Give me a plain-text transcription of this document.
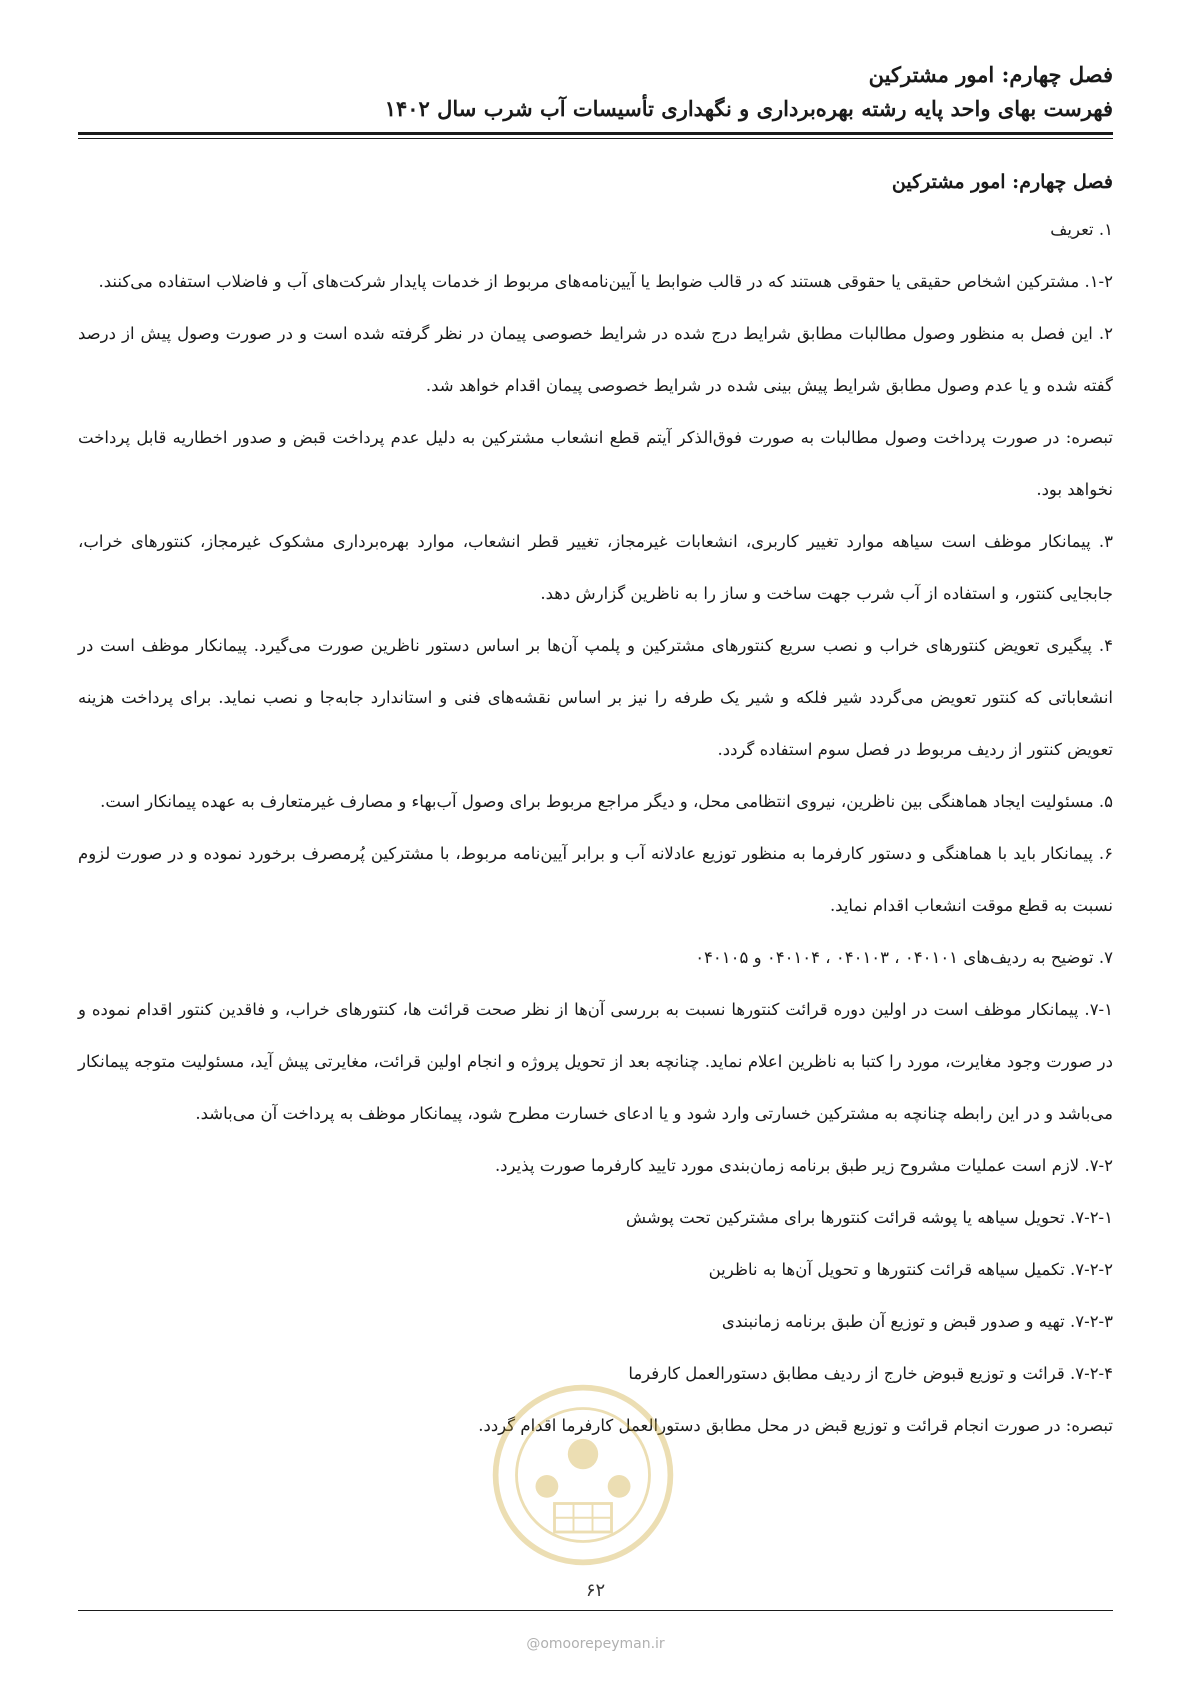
فصل چهارم: امور مشترکین
فهرست بهای واحد پایه رشته بهره‌برداری و نگهداری تأسیسات آب شرب سال ۱۴۰۲

فصل چهارم: امور مشترکین

۱. تعریف

۱-۲. مشترکین اشخاص حقیقی یا حقوقی هستند که در قالب ضوابط یا آیین‌نامه‌های مربوط از خدمات پایدار شرکت‌های آب و فاضلاب استفاده می‌کنند.

۲. این فصل به منظور وصول مطالبات مطابق شرایط درج شده در شرایط خصوصی پیمان در نظر گرفته شده است و در صورت وصول پیش از درصد گفته شده و یا عدم وصول مطابق شرایط پیش بینی شده در شرایط خصوصی پیمان اقدام خواهد شد.

تبصره: در صورت پرداخت وصول مطالبات به صورت فوق‌الذکر آیتم قطع انشعاب مشترکین به دلیل عدم پرداخت قبض و صدور اخطاریه قابل پرداخت نخواهد بود.

۳. پیمانکار موظف است سیاهه موارد تغییر کاربری، انشعابات غیرمجاز، تغییر قطر انشعاب، موارد بهره‌برداری مشکوک غیرمجاز، کنتورهای خراب، جابجایی کنتور، و استفاده از آب شرب جهت ساخت و ساز را به ناظرین گزارش دهد.

۴. پیگیری تعویض کنتورهای خراب و نصب سریع کنتورهای مشترکین و پلمپ آن‌ها بر اساس دستور ناظرین صورت می‌گیرد. پیمانکار موظف است در انشعاباتی که کنتور تعویض می‌گردد شیر فلکه و شیر یک طرفه را نیز بر اساس نقشه‌های فنی و استاندارد جابه‌جا و نصب نماید. برای پرداخت هزینه تعویض کنتور از ردیف مربوط در فصل سوم استفاده گردد.

۵. مسئولیت ایجاد هماهنگی بین ناظرین، نیروی انتظامی محل، و دیگر مراجع مربوط برای وصول آب‌بهاء و مصارف غیرمتعارف به عهده پیمانکار است.

۶. پیمانکار باید با هماهنگی و دستور کارفرما به منظور توزیع عادلانه آب و برابر آیین‌نامه مربوط، با مشترکین پُرمصرف برخورد نموده و در صورت لزوم نسبت به قطع موقت انشعاب اقدام نماید.

۷. توضیح به ردیف‌های ۰۴۰۱۰۱ ، ۰۴۰۱۰۳ ، ۰۴۰۱۰۴ و ۰۴۰۱۰۵

۷-۱. پیمانکار موظف است در اولین دوره قرائت کنتورها نسبت به بررسی آن‌ها از نظر صحت قرائت ها، کنتورهای خراب، و فاقدین کنتور اقدام نموده و در صورت وجود مغایرت، مورد را کتبا به ناظرین اعلام نماید. چنانچه بعد از تحویل پروژه و انجام اولین قرائت، مغایرتی پیش آید، مسئولیت متوجه پیمانکار می‌باشد و در این رابطه چنانچه به مشترکین خسارتی وارد شود و یا ادعای خسارت مطرح شود، پیمانکار موظف به پرداخت آن می‌باشد.

۷-۲. لازم است عملیات مشروح زیر طبق برنامه زمان‌بندی مورد تایید کارفرما صورت پذیرد.

۷-۲-۱. تحویل سیاهه یا پوشه قرائت کنتورها برای مشترکین تحت پوشش

۷-۲-۲. تکمیل سیاهه قرائت کنتورها و تحویل آن‌ها به ناظرین

۷-۲-۳. تهیه و صدور قبض و توزیع آن طبق برنامه زمانبندی

۷-۲-۴. قرائت و توزیع قبوض خارج از ردیف مطابق دستورالعمل کارفرما

تبصره: در صورت انجام قرائت و توزیع قبض در محل مطابق دستورالعمل کارفرما اقدام گردد.

۶۲
@omoorepeyman.ir
